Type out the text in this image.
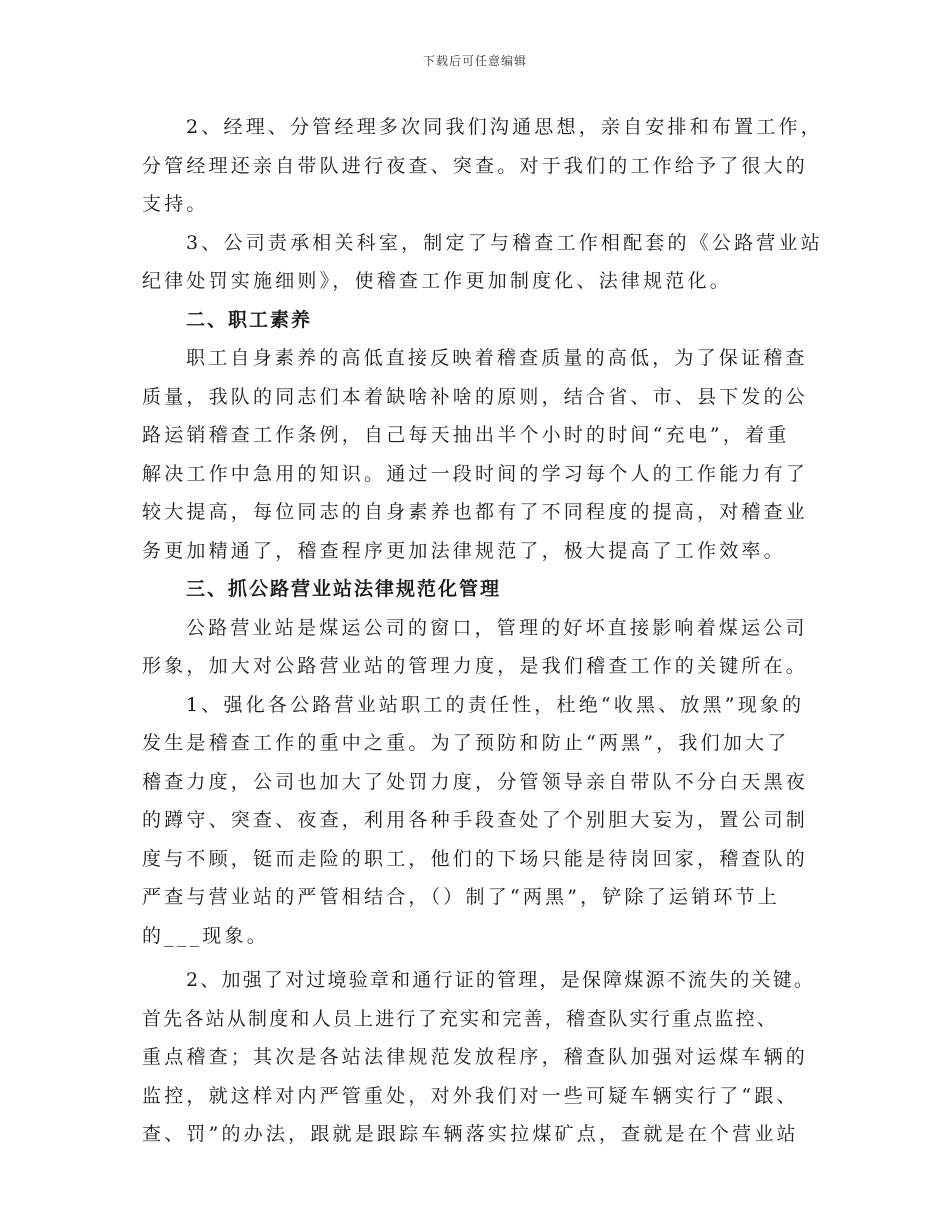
下载后可任意编辑
2、经理、分管经理多次同我们沟通思想，亲自安排和布置工作，
分管经理还亲自带队进行夜查、突查。对于我们的工作给予了很大的
支持。
3、公司责承相关科室，制定了与稽查工作相配套的《公路营业站
纪律处罚实施细则》，使稽查工作更加制度化、法律规范化。
二、职工素养
职工自身素养的高低直接反映着稽查质量的高低，为了保证稽查
质量，我队的同志们本着缺啥补啥的原则，结合省、市、县下发的公
路运销稽查工作条例，自己每天抽出半个小时的时间“充电”，着重
解决工作中急用的知识。通过一段时间的学习每个人的工作能力有了
较大提高，每位同志的自身素养也都有了不同程度的提高，对稽查业
务更加精通了，稽查程序更加法律规范了，极大提高了工作效率。
三、抓公路营业站法律规范化管理
公路营业站是煤运公司的窗口，管理的好坏直接影响着煤运公司
形象，加大对公路营业站的管理力度，是我们稽查工作的关键所在。
1、强化各公路营业站职工的责任性，杜绝“收黑、放黑”现象的
发生是稽查工作的重中之重。为了预防和防止“两黑”，我们加大了
稽查力度，公司也加大了处罚力度，分管领导亲自带队不分白天黑夜
的蹲守、突查、夜查，利用各种手段查处了个别胆大妄为，置公司制
度与不顾，铤而走险的职工，他们的下场只能是待岗回家，稽查队的
严查与营业站的严管相结合，（）制了“两黑”，铲除了运销环节上
的___现象。
2、加强了对过境验章和通行证的管理，是保障煤源不流失的关键。
首先各站从制度和人员上进行了充实和完善，稽查队实行重点监控、
重点稽查；其次是各站法律规范发放程序，稽查队加强对运煤车辆的
监控，就这样对内严管重处，对外我们对一些可疑车辆实行了“跟、
查、罚”的办法，跟就是跟踪车辆落实拉煤矿点，查就是在个营业站
